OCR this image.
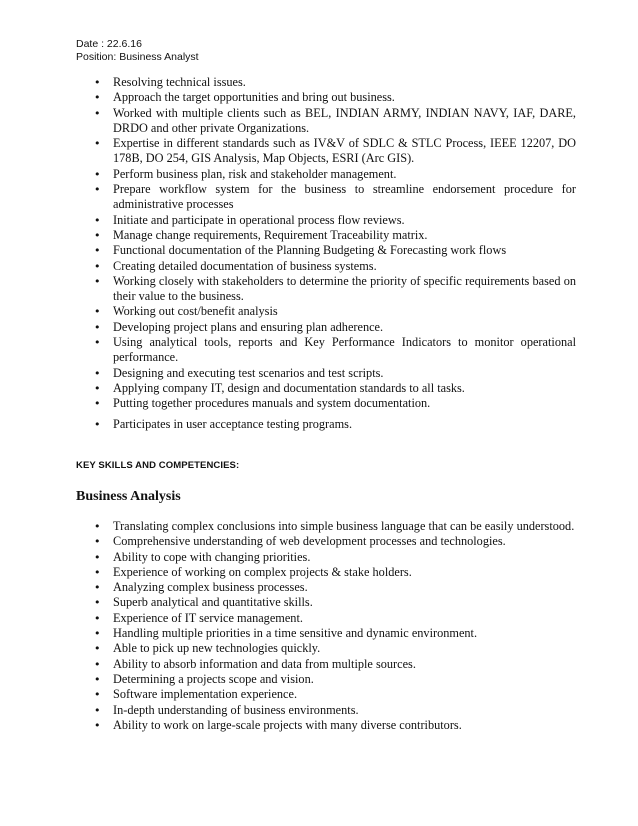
Date : 22.6.16
Position: Business Analyst
• Resolving technical issues.
• Approach the target opportunities and bring out business.
• Worked with multiple clients such as BEL, INDIAN ARMY, INDIAN NAVY, IAF, DARE, DRDO and other private Organizations.
• Expertise in different standards such as IV&V of SDLC & STLC Process, IEEE 12207, DO 178B, DO 254, GIS Analysis, Map Objects, ESRI (Arc GIS).
• Perform business plan, risk and stakeholder management.
• Prepare workflow system for the business to streamline endorsement procedure for administrative processes
• Initiate and participate in operational process flow reviews.
• Manage change requirements, Requirement Traceability matrix.
• Functional documentation of the Planning Budgeting & Forecasting work flows
• Creating detailed documentation of business systems.
• Working closely with stakeholders to determine the priority of specific requirements based on their value to the business.
• Working out cost/benefit analysis
• Developing project plans and ensuring plan adherence.
• Using analytical tools, reports and Key Performance Indicators to monitor operational performance.
• Designing and executing test scenarios and test scripts.
• Applying company IT, design and documentation standards to all tasks.
• Putting together procedures manuals and system documentation.
• Participates in user acceptance testing programs.
KEY SKILLS AND COMPETENCIES:
Business Analysis
• Translating complex conclusions into simple business language that can be easily understood.
• Comprehensive understanding of web development processes and technologies.
• Ability to cope with changing priorities.
• Experience of working on complex projects & stake holders.
• Analyzing complex business processes.
• Superb analytical and quantitative skills.
• Experience of IT service management.
• Handling multiple priorities in a time sensitive and dynamic environment.
• Able to pick up new technologies quickly.
• Ability to absorb information and data from multiple sources.
• Determining a projects scope and vision.
• Software implementation experience.
• In-depth understanding of business environments.
• Ability to work on large-scale projects with many diverse contributors.
